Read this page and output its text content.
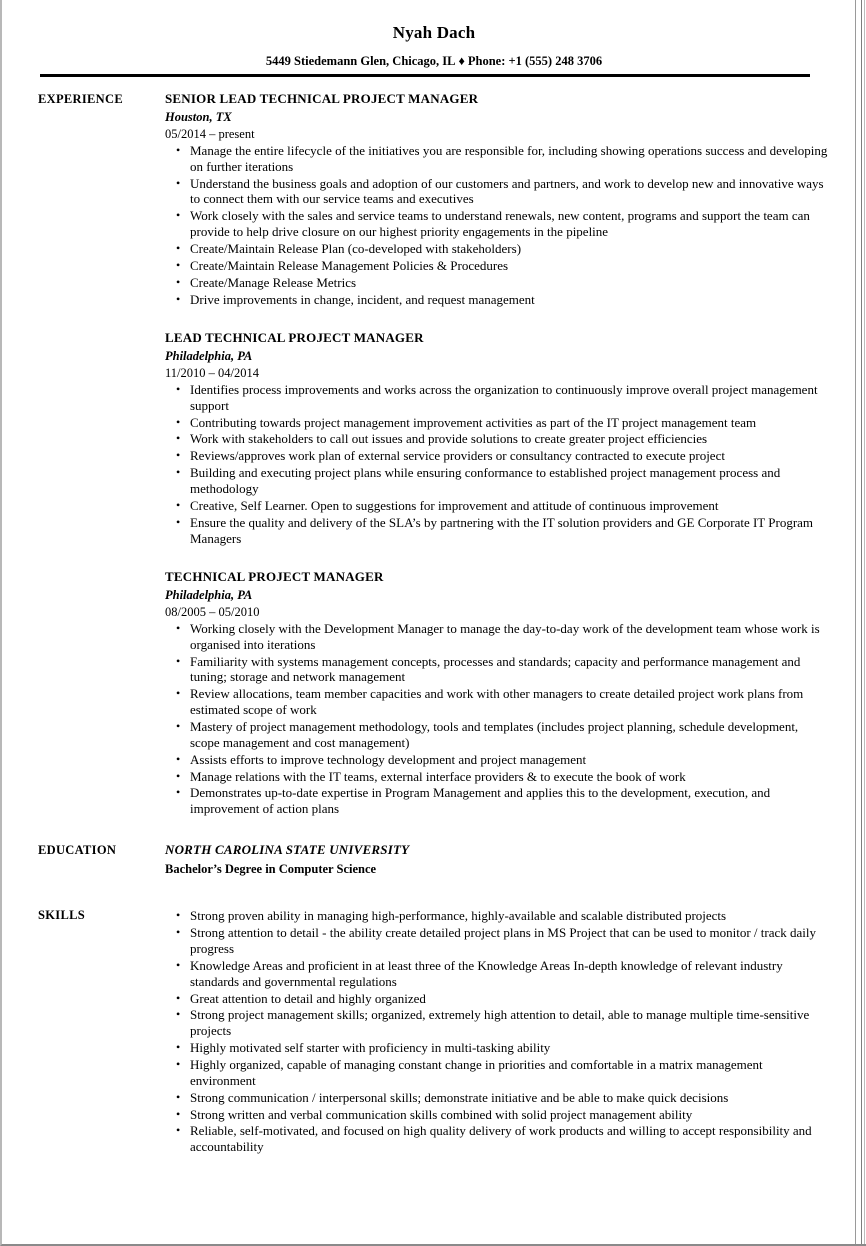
Nyah Dach
5449 Stiedemann Glen, Chicago, IL ♦ Phone: +1 (555) 248 3706
EXPERIENCE	SENIOR LEAD TECHNICAL PROJECT MANAGER
Houston, TX
05/2014 – present
• Manage the entire lifecycle of the initiatives you are responsible for, including showing operations success and developing on further iterations
• Understand the business goals and adoption of our customers and partners, and work to develop new and innovative ways to connect them with our service teams and executives
• Work closely with the sales and service teams to understand renewals, new content, programs and support the team can provide to help drive closure on our highest priority engagements in the pipeline
• Create/Maintain Release Plan (co-developed with stakeholders)
• Create/Maintain Release Management Policies & Procedures
• Create/Manage Release Metrics
• Drive improvements in change, incident, and request management
LEAD TECHNICAL PROJECT MANAGER
Philadelphia, PA
11/2010 – 04/2014
• Identifies process improvements and works across the organization to continuously improve overall project management support
• Contributing towards project management improvement activities as part of the IT project management team
• Work with stakeholders to call out issues and provide solutions to create greater project efficiencies
• Reviews/approves work plan of external service providers or consultancy contracted to execute project
• Building and executing project plans while ensuring conformance to established project management process and methodology
• Creative, Self Learner. Open to suggestions for improvement and attitude of continuous improvement
• Ensure the quality and delivery of the SLA’s by partnering with the IT solution providers and GE Corporate IT Program Managers
TECHNICAL PROJECT MANAGER
Philadelphia, PA
08/2005 – 05/2010
• Working closely with the Development Manager to manage the day-to-day work of the development team whose work is organised into iterations
• Familiarity with systems management concepts, processes and standards; capacity and performance management and tuning; storage and network management
• Review allocations, team member capacities and work with other managers to create detailed project work plans from estimated scope of work
• Mastery of project management methodology, tools and templates (includes project planning, schedule development, scope management and cost management)
• Assists efforts to improve technology development and project management
• Manage relations with the IT teams, external interface providers & to execute the book of work
• Demonstrates up-to-date expertise in Program Management and applies this to the development, execution, and improvement of action plans
EDUCATION	NORTH CAROLINA STATE UNIVERSITY
Bachelor’s Degree in Computer Science
SKILLS	• Strong proven ability in managing high-performance, highly-available and scalable distributed projects
• Strong attention to detail - the ability create detailed project plans in MS Project that can be used to monitor / track daily progress
• Knowledge Areas and proficient in at least three of the Knowledge Areas In-depth knowledge of relevant industry standards and governmental regulations
• Great attention to detail and highly organized
• Strong project management skills; organized, extremely high attention to detail, able to manage multiple time-sensitive projects
• Highly motivated self starter with proficiency in multi-tasking ability
• Highly organized, capable of managing constant change in priorities and comfortable in a matrix management environment
• Strong communication / interpersonal skills; demonstrate initiative and be able to make quick decisions
• Strong written and verbal communication skills combined with solid project management ability
• Reliable, self-motivated, and focused on high quality delivery of work products and willing to accept responsibility and accountability
